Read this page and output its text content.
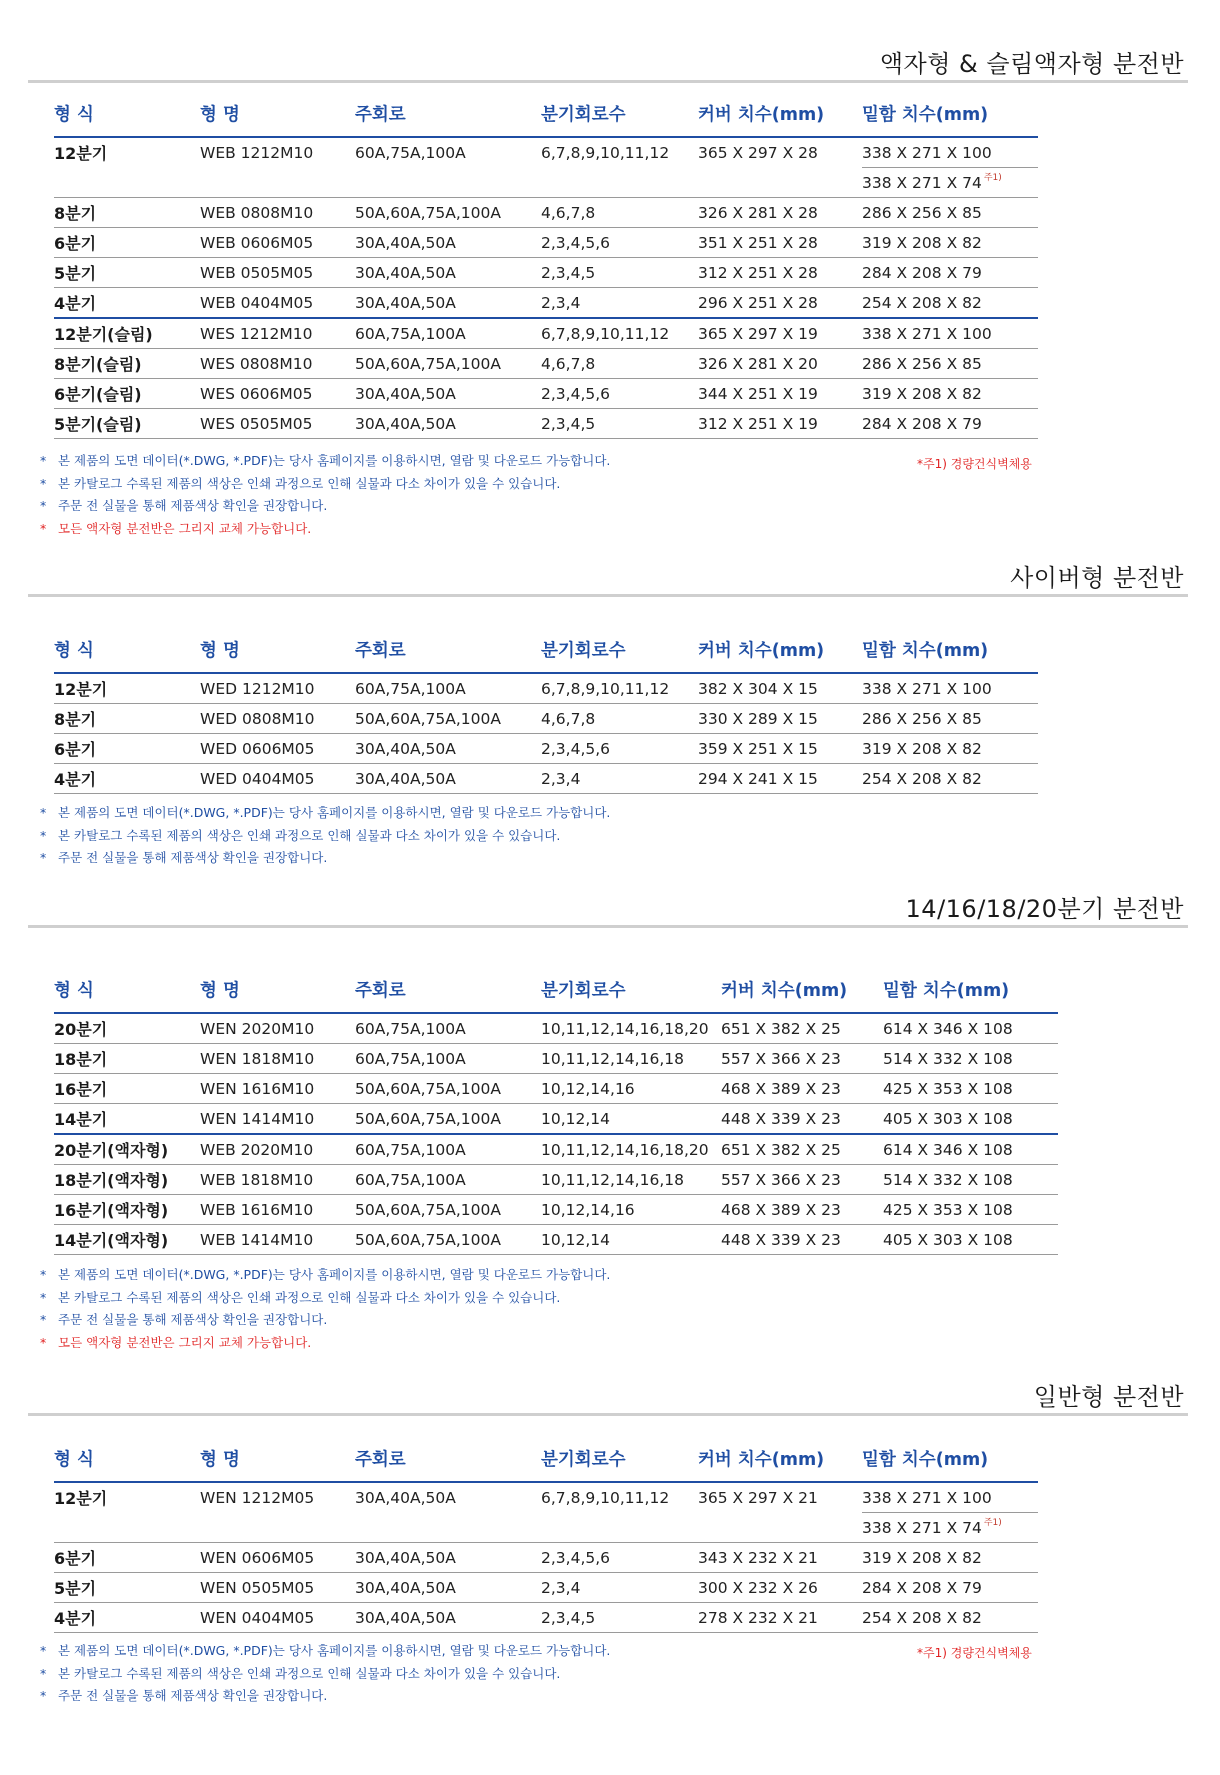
액자형 & 슬림액자형 분전반
형 식	형 명	주회로	분기회로수	커버 치수(mm)	밑함 치수(mm)
12분기	WEB 1212M10	60A,75A,100A	6,7,8,9,10,11,12	365 X 297 X 28	338 X 271 X 100
					338 X 271 X 74 $^{주1)}$
8분기	WEB 0808M10	50A,60A,75A,100A	4,6,7,8	326 X 281 X 28	286 X 256 X 85
6분기	WEB 0606M05	30A,40A,50A	2,3,4,5,6	351 X 251 X 28	319 X 208 X 82
5분기	WEB 0505M05	30A,40A,50A	2,3,4,5	312 X 251 X 28	284 X 208 X 79
4분기	WEB 0404M05	30A,40A,50A	2,3,4	296 X 251 X 28	254 X 208 X 82
12분기(슬림)	WES 1212M10	60A,75A,100A	6,7,8,9,10,11,12	365 X 297 X 19	338 X 271 X 100
8분기(슬림)	WES 0808M10	50A,60A,75A,100A	4,6,7,8	326 X 281 X 20	286 X 256 X 85
6분기(슬림)	WES 0606M05	30A,40A,50A	2,3,4,5,6	344 X 251 X 19	319 X 208 X 82
5분기(슬림)	WES 0505M05	30A,40A,50A	2,3,4,5	312 X 251 X 19	284 X 208 X 79
* 본 제품의 도면 데이터(*.DWG, *.PDF)는 당사 홈페이지를 이용하시면, 열람 및 다운로드 가능합니다.
* 본 카탈로그 수록된 제품의 색상은 인쇄 과정으로 인해 실물과 다소 차이가 있을 수 있습니다.
* 주문 전 실물을 통해 제품색상 확인을 권장합니다.
* 모든 액자형 분전반은 그리지 교체 가능합니다.
*주1) 경량건식벽체용
사이버형 분전반
형 식	형 명	주회로	분기회로수	커버 치수(mm)	밑함 치수(mm)
12분기	WED 1212M10	60A,75A,100A	6,7,8,9,10,11,12	382 X 304 X 15	338 X 271 X 100
8분기	WED 0808M10	50A,60A,75A,100A	4,6,7,8	330 X 289 X 15	286 X 256 X 85
6분기	WED 0606M05	30A,40A,50A	2,3,4,5,6	359 X 251 X 15	319 X 208 X 82
4분기	WED 0404M05	30A,40A,50A	2,3,4	294 X 241 X 15	254 X 208 X 82
* 본 제품의 도면 데이터(*.DWG, *.PDF)는 당사 홈페이지를 이용하시면, 열람 및 다운로드 가능합니다.
* 본 카탈로그 수록된 제품의 색상은 인쇄 과정으로 인해 실물과 다소 차이가 있을 수 있습니다.
* 주문 전 실물을 통해 제품색상 확인을 권장합니다.
14/16/18/20분기 분전반
형 식	형 명	주회로	분기회로수	커버 치수(mm)	밑함 치수(mm)
20분기	WEN 2020M10	60A,75A,100A	10,11,12,14,16,18,20	651 X 382 X 25	614 X 346 X 108
18분기	WEN 1818M10	60A,75A,100A	10,11,12,14,16,18	557 X 366 X 23	514 X 332 X 108
16분기	WEN 1616M10	50A,60A,75A,100A	10,12,14,16	468 X 389 X 23	425 X 353 X 108
14분기	WEN 1414M10	50A,60A,75A,100A	10,12,14	448 X 339 X 23	405 X 303 X 108
20분기(액자형)	WEB 2020M10	60A,75A,100A	10,11,12,14,16,18,20	651 X 382 X 25	614 X 346 X 108
18분기(액자형)	WEB 1818M10	60A,75A,100A	10,11,12,14,16,18	557 X 366 X 23	514 X 332 X 108
16분기(액자형)	WEB 1616M10	50A,60A,75A,100A	10,12,14,16	468 X 389 X 23	425 X 353 X 108
14분기(액자형)	WEB 1414M10	50A,60A,75A,100A	10,12,14	448 X 339 X 23	405 X 303 X 108
* 본 제품의 도면 데이터(*.DWG, *.PDF)는 당사 홈페이지를 이용하시면, 열람 및 다운로드 가능합니다.
* 본 카탈로그 수록된 제품의 색상은 인쇄 과정으로 인해 실물과 다소 차이가 있을 수 있습니다.
* 주문 전 실물을 통해 제품색상 확인을 권장합니다.
* 모든 액자형 분전반은 그리지 교체 가능합니다.
일반형 분전반
형 식	형 명	주회로	분기회로수	커버 치수(mm)	밑함 치수(mm)
12분기	WEN 1212M05	30A,40A,50A	6,7,8,9,10,11,12	365 X 297 X 21	338 X 271 X 100
					338 X 271 X 74 $^{주1)}$
6분기	WEN 0606M05	30A,40A,50A	2,3,4,5,6	343 X 232 X 21	319 X 208 X 82
5분기	WEN 0505M05	30A,40A,50A	2,3,4	300 X 232 X 26	284 X 208 X 79
4분기	WEN 0404M05	30A,40A,50A	2,3,4,5	278 X 232 X 21	254 X 208 X 82
* 본 제품의 도면 데이터(*.DWG, *.PDF)는 당사 홈페이지를 이용하시면, 열람 및 다운로드 가능합니다.
* 본 카탈로그 수록된 제품의 색상은 인쇄 과정으로 인해 실물과 다소 차이가 있을 수 있습니다.
* 주문 전 실물을 통해 제품색상 확인을 권장합니다.
*주1) 경량건식벽체용
